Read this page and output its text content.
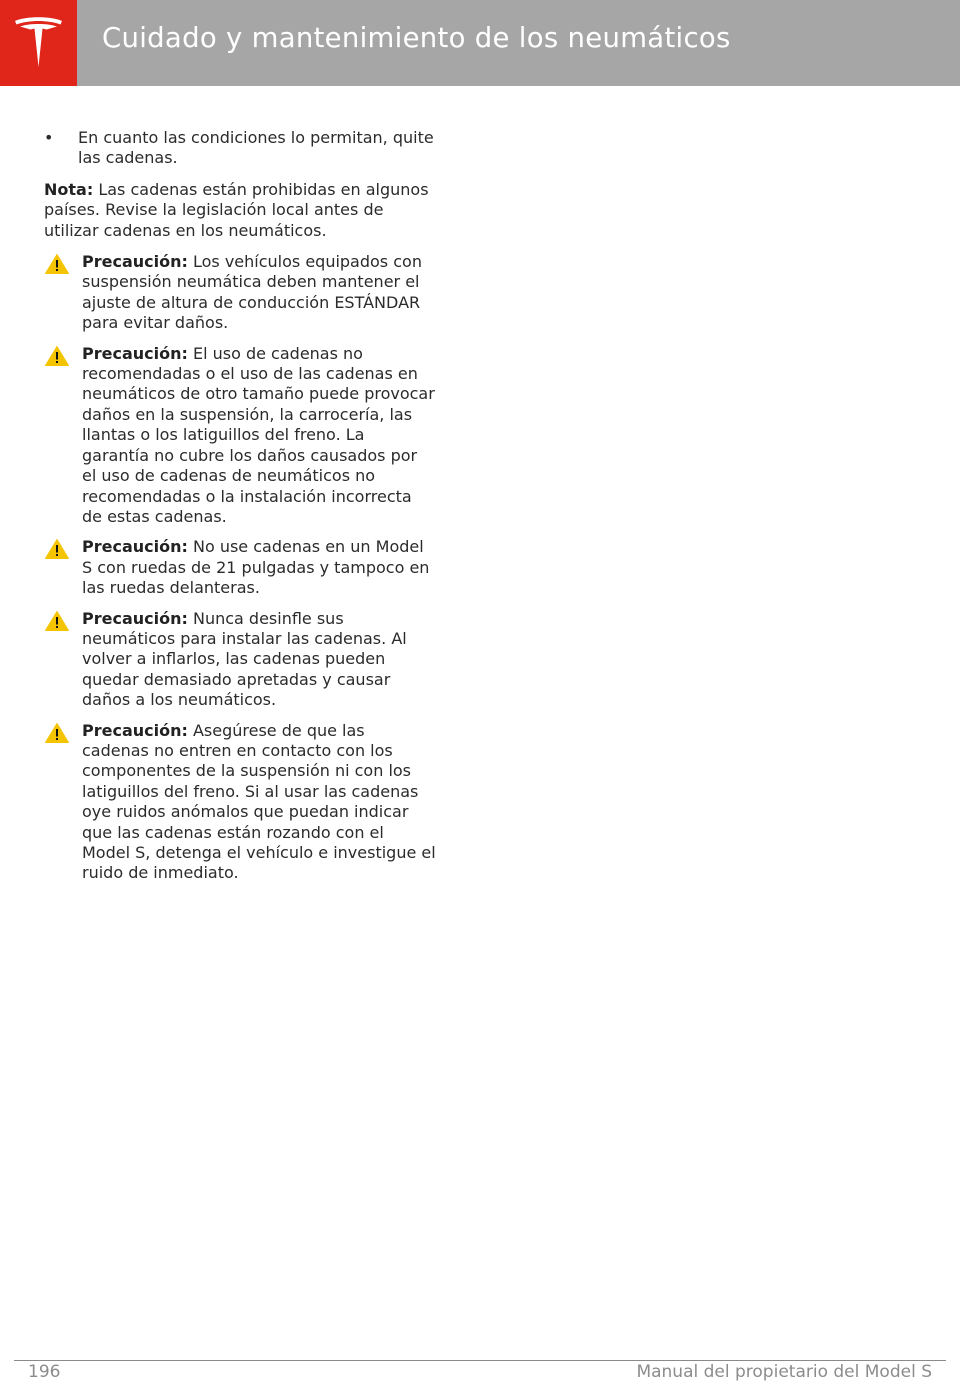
Cuidado y mantenimiento de los neumáticos
• En cuanto las condiciones lo permitan, quite las cadenas.
Nota: Las cadenas están prohibidas en algunos países. Revise la legislación local antes de utilizar cadenas en los neumáticos.
Precaución: Los vehículos equipados con suspensión neumática deben mantener el ajuste de altura de conducción ESTÁNDAR para evitar daños.
Precaución: El uso de cadenas no recomendadas o el uso de las cadenas en neumáticos de otro tamaño puede provocar daños en la suspensión, la carrocería, las llantas o los latiguillos del freno. La garantía no cubre los daños causados por el uso de cadenas de neumáticos no recomendadas o la instalación incorrecta de estas cadenas.
Precaución: No use cadenas en un Model S con ruedas de 21 pulgadas y tampoco en las ruedas delanteras.
Precaución: Nunca desinfle sus neumáticos para instalar las cadenas. Al volver a inflarlos, las cadenas pueden quedar demasiado apretadas y causar daños a los neumáticos.
Precaución: Asegúrese de que las cadenas no entren en contacto con los componentes de la suspensión ni con los latiguillos del freno. Si al usar las cadenas oye ruidos anómalos que puedan indicar que las cadenas están rozando con el Model S, detenga el vehículo e investigue el ruido de inmediato.
196	Manual del propietario del Model S
